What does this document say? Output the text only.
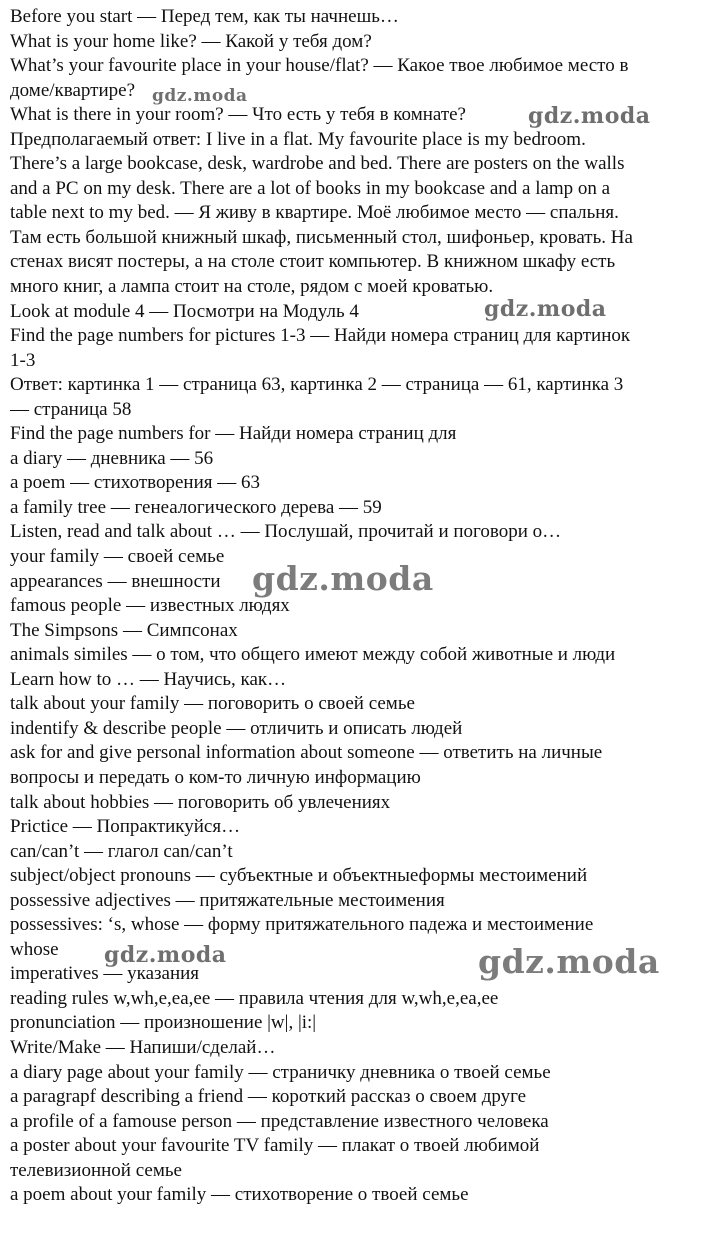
Before you start — Перед тем, как ты начнешь…
What is your home like? — Какой у тебя дом?
What’s your favourite place in your house/flat? — Какое твое любимое место в
доме/квартире?
What is there in your room? — Что есть у тебя в комнате?
Предполагаемый ответ: I live in a flat. My favourite place is my bedroom.
There’s a large bookcase, desk, wardrobe and bed. There are posters on the walls
and a PC on my desk. There are a lot of books in my bookcase and a lamp on a
table next to my bed. — Я живу в квартире. Моё любимое место — спальня.
Там есть большой книжный шкаф, письменный стол, шифоньер, кровать. На
стенах висят постеры, а на столе стоит компьютер. В книжном шкафу есть
много книг, а лампа стоит на столе, рядом с моей кроватью.
Look at module 4 — Посмотри на Модуль 4
Find the page numbers for pictures 1-3 — Найди номера страниц для картинок
1-3
Ответ: картинка 1 — страница 63, картинка 2 — страница — 61, картинка 3
— страница 58
Find the page numbers for — Найди номера страниц для
a diary — дневника — 56
a poem — стихотворения — 63
a family tree — генеалогического дерева — 59
Listen, read and talk about … — Послушай, прочитай и поговори о…
your family — своей семье
appearances — внешности
famous people — известных людях
The Simpsons — Симпсонах
animals similes — о том, что общего имеют между собой животные и люди
Learn how to … — Научись, как…
talk about your family — поговорить о своей семье
indentify & describe people — отличить и описать людей
ask for and give personal information about someone — ответить на личные
вопросы и передать о ком-то личную информацию
talk about hobbies — поговорить об увлечениях
Prictice — Попрактикуйся…
can/can’t — глагол can/can’t
subject/object pronouns — субъектные и объектныеформы местоимений
possessive adjectives — притяжательные местоимения
possessives: ‘s, whose — форму притяжательного падежа и местоимение
whose
imperatives — указания
reading rules w,wh,e,ea,ee — правила чтения для w,wh,e,ea,ee
pronunciation — произношение |w|, |i:|
Write/Make — Напиши/сделай…
a diary page about your family — страничку дневника о твоей семье
a paragrapf describing a friend — короткий рассказ о своем друге
a profile of a famouse person — представление известного человека
a poster about your favourite TV family — плакат о твоей любимой
телевизионной семье
a poem about your family — стихотворение о твоей семье
gdz.moda
gdz.moda
gdz.moda
gdz.moda
gdz.moda	gdz.moda
